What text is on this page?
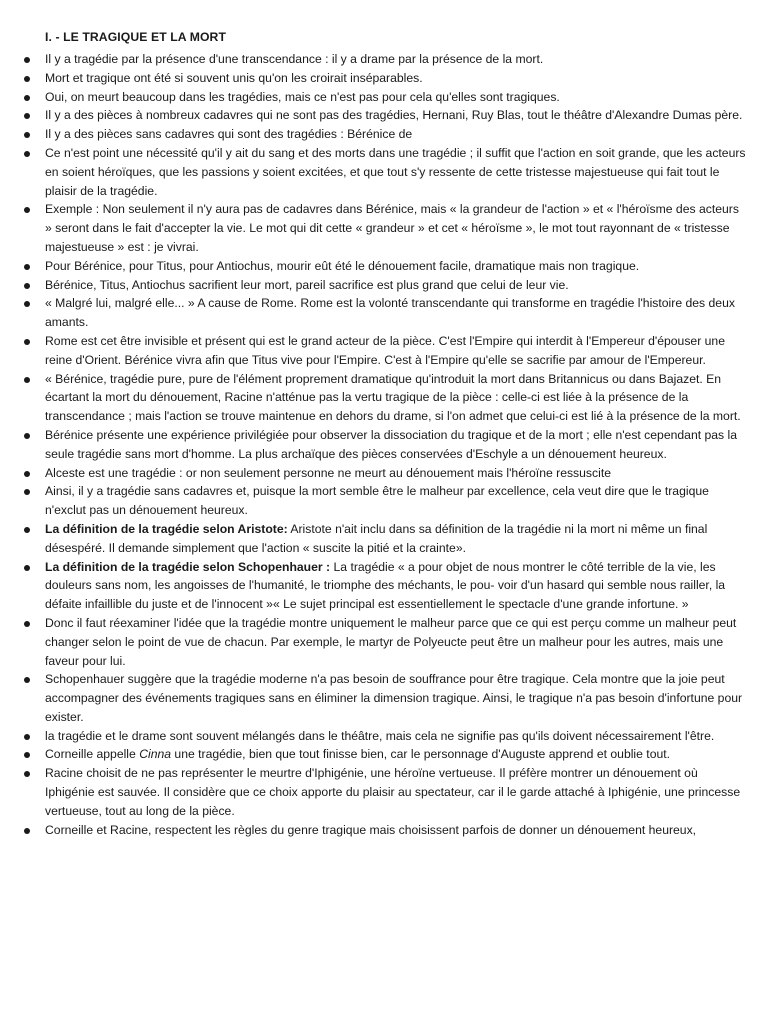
I. - LE TRAGIQUE ET LA MORT
Il y a tragédie par la présence d'une transcendance : il y a drame par la présence de la mort.
Mort et tragique ont été si souvent unis qu'on les croirait inséparables.
Oui, on meurt beaucoup dans les tragédies, mais ce n'est pas pour cela qu'elles sont tragiques.
Il y a des pièces à nombreux cadavres qui ne sont pas des tragédies, Hernani, Ruy Blas, tout le théâtre d'Alexandre Dumas père.
Il y a des pièces sans cadavres qui sont des tragédies : Bérénice de
Ce n'est point une nécessité qu'il y ait du sang et des morts dans une tragédie ; il suffit que l'action en soit grande, que les acteurs en soient héroïques, que les passions y soient excitées, et que tout s'y ressente de cette tristesse majestueuse qui fait tout le plaisir de la tragédie.
Exemple : Non seulement il n'y aura pas de cadavres dans Bérénice, mais « la grandeur de l'action » et « l'héroïsme des acteurs » seront dans le fait d'accepter la vie. Le mot qui dit cette « grandeur » et cet « héroïsme », le mot tout rayonnant de « tristesse majestueuse » est : je vivrai.
Pour Bérénice, pour Titus, pour Antiochus, mourir eût été le dénouement facile, dramatique mais non tragique.
Bérénice, Titus, Antiochus sacrifient leur mort, pareil sacrifice est plus grand que celui de leur vie.
« Malgré lui, malgré elle... » A cause de Rome. Rome est la volonté transcendante qui transforme en tragédie l'histoire des deux amants.
Rome est cet être invisible et présent qui est le grand acteur de la pièce. C'est l'Empire qui interdit à l'Empereur d'épouser une reine d'Orient. Bérénice vivra afin que Titus vive pour l'Empire. C'est à l'Empire qu'elle se sacrifie par amour de l'Empereur.
« Bérénice, tragédie pure, pure de l'élément proprement dramatique qu'introduit la mort dans Britannicus ou dans Bajazet. En écartant la mort du dénouement, Racine n'atténue pas la vertu tragique de la pièce : celle-ci est liée à la présence de la transcendance ; mais l'action se trouve maintenue en dehors du drame, si l'on admet que celui-ci est lié à la présence de la mort.
Bérénice présente une expérience privilégiée pour observer la dissociation du tragique et de la mort ; elle n'est cependant pas la seule tragédie sans mort d'homme. La plus archaïque des pièces conservées d'Eschyle a un dénouement heureux.
Alceste est une tragédie : or non seulement personne ne meurt au dénouement mais l'héroïne ressuscite
Ainsi, il y a tragédie sans cadavres et, puisque la mort semble être le malheur par excellence, cela veut dire que le tragique n'exclut pas un dénouement heureux.
La définition de la tragédie selon Aristote: Aristote n'ait inclu dans sa définition de la tragédie ni la mort ni même un final désespéré. Il demande simplement que l'action « suscite la pitié et la crainte».
La définition de la tragédie selon Schopenhauer : La tragédie « a pour objet de nous montrer le côté terrible de la vie, les douleurs sans nom, les angoisses de l'humanité, le triomphe des méchants, le pou- voir d'un hasard qui semble nous railler, la défaite infaillible du juste et de l'innocent »« Le sujet principal est essentiellement le spectacle d'une grande infortune. »
Donc il faut réexaminer l'idée que la tragédie montre uniquement le malheur parce que ce qui est perçu comme un malheur peut changer selon le point de vue de chacun. Par exemple, le martyr de Polyeucte peut être un malheur pour les autres, mais une faveur pour lui.
Schopenhauer suggère que la tragédie moderne n'a pas besoin de souffrance pour être tragique. Cela montre que la joie peut accompagner des événements tragiques sans en éliminer la dimension tragique. Ainsi, le tragique n'a pas besoin d'infortune pour exister.
la tragédie et le drame sont souvent mélangés dans le théâtre, mais cela ne signifie pas qu'ils doivent nécessairement l'être.
Corneille appelle Cinna une tragédie, bien que tout finisse bien, car le personnage d'Auguste apprend et oublie tout.
Racine choisit de ne pas représenter le meurtre d'Iphigénie, une héroïne vertueuse. Il préfère montrer un dénouement où Iphigénie est sauvée. Il considère que ce choix apporte du plaisir au spectateur, car il le garde attaché à Iphigénie, une princesse vertueuse, tout au long de la pièce.
Corneille et Racine, respectent les règles du genre tragique mais choisissent parfois de donner un dénouement heureux,
